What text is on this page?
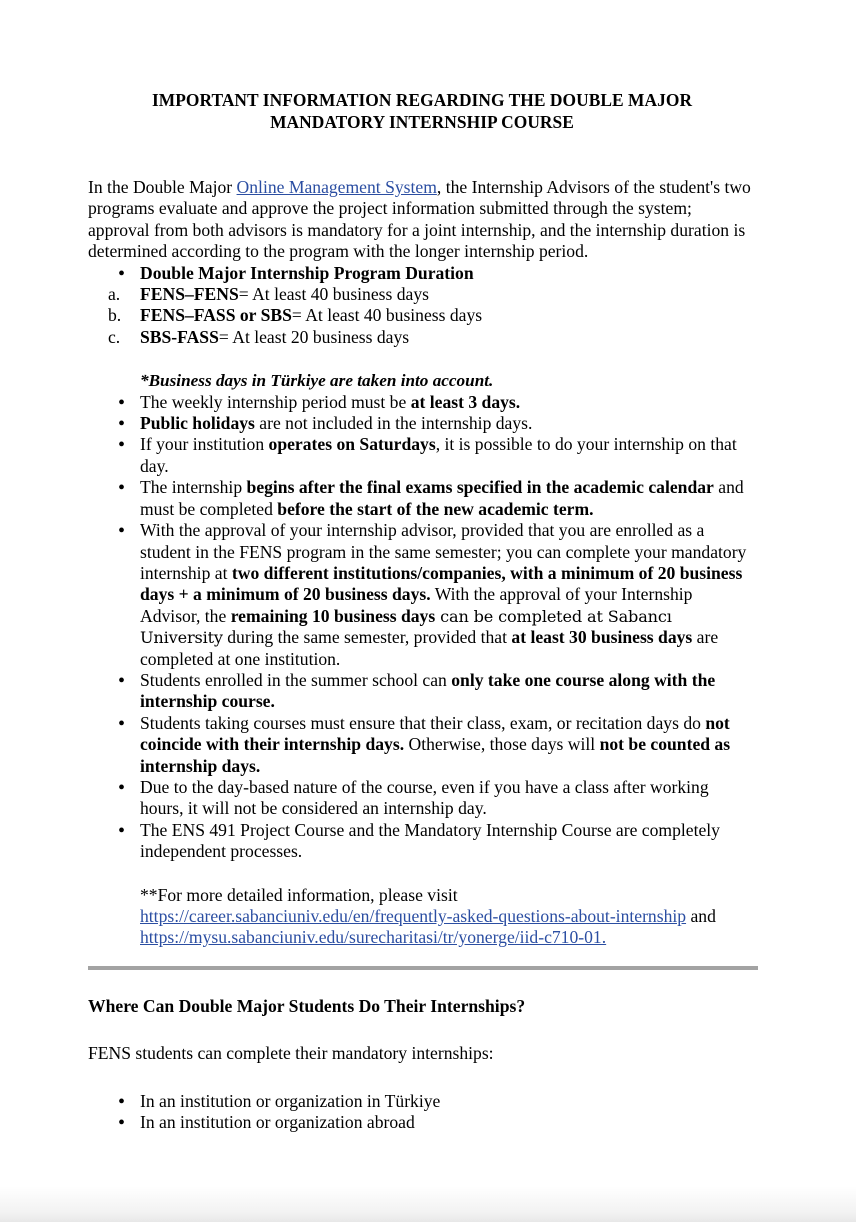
IMPORTANT INFORMATION REGARDING THE DOUBLE MAJOR
MANDATORY INTERNSHIP COURSE

In the Double Major Online Management System, the Internship Advisors of the student's two programs evaluate and approve the project information submitted through the system; approval from both advisors is mandatory for a joint internship, and the internship duration is determined according to the program with the longer internship period.

• Double Major Internship Program Duration
a.	FENS–FENS= At least 40 business days
b.	FENS–FASS or SBS= At least 40 business days
c.	SBS-FASS= At least 20 business days

*Business days in Türkiye are taken into account.

• The weekly internship period must be at least 3 days.
• Public holidays are not included in the internship days.
• If your institution operates on Saturdays, it is possible to do your internship on that day.
• The internship begins after the final exams specified in the academic calendar and must be completed before the start of the new academic term.
• With the approval of your internship advisor, provided that you are enrolled as a student in the FENS program in the same semester; you can complete your mandatory internship at two different institutions/companies, with a minimum of 20 business days + a minimum of 20 business days. With the approval of your Internship Advisor, the remaining 10 business days can be completed at Sabancı University during the same semester, provided that at least 30 business days are completed at one institution.
• Students enrolled in the summer school can only take one course along with the internship course.
• Students taking courses must ensure that their class, exam, or recitation days do not coincide with their internship days. Otherwise, those days will not be counted as internship days.
• Due to the day-based nature of the course, even if you have a class after working hours, it will not be considered an internship day.
• The ENS 491 Project Course and the Mandatory Internship Course are completely independent processes.
**For more detailed information, please visit
https://career.sabanciuniv.edu/en/frequently-asked-questions-about-internship and
https://mysu.sabanciuniv.edu/surecharitasi/tr/yonerge/iid-c710-01.
Where Can Double Major Students Do Their Internships?

FENS students can complete their mandatory internships:

• In an institution or organization in Türkiye
• In an institution or organization abroad
